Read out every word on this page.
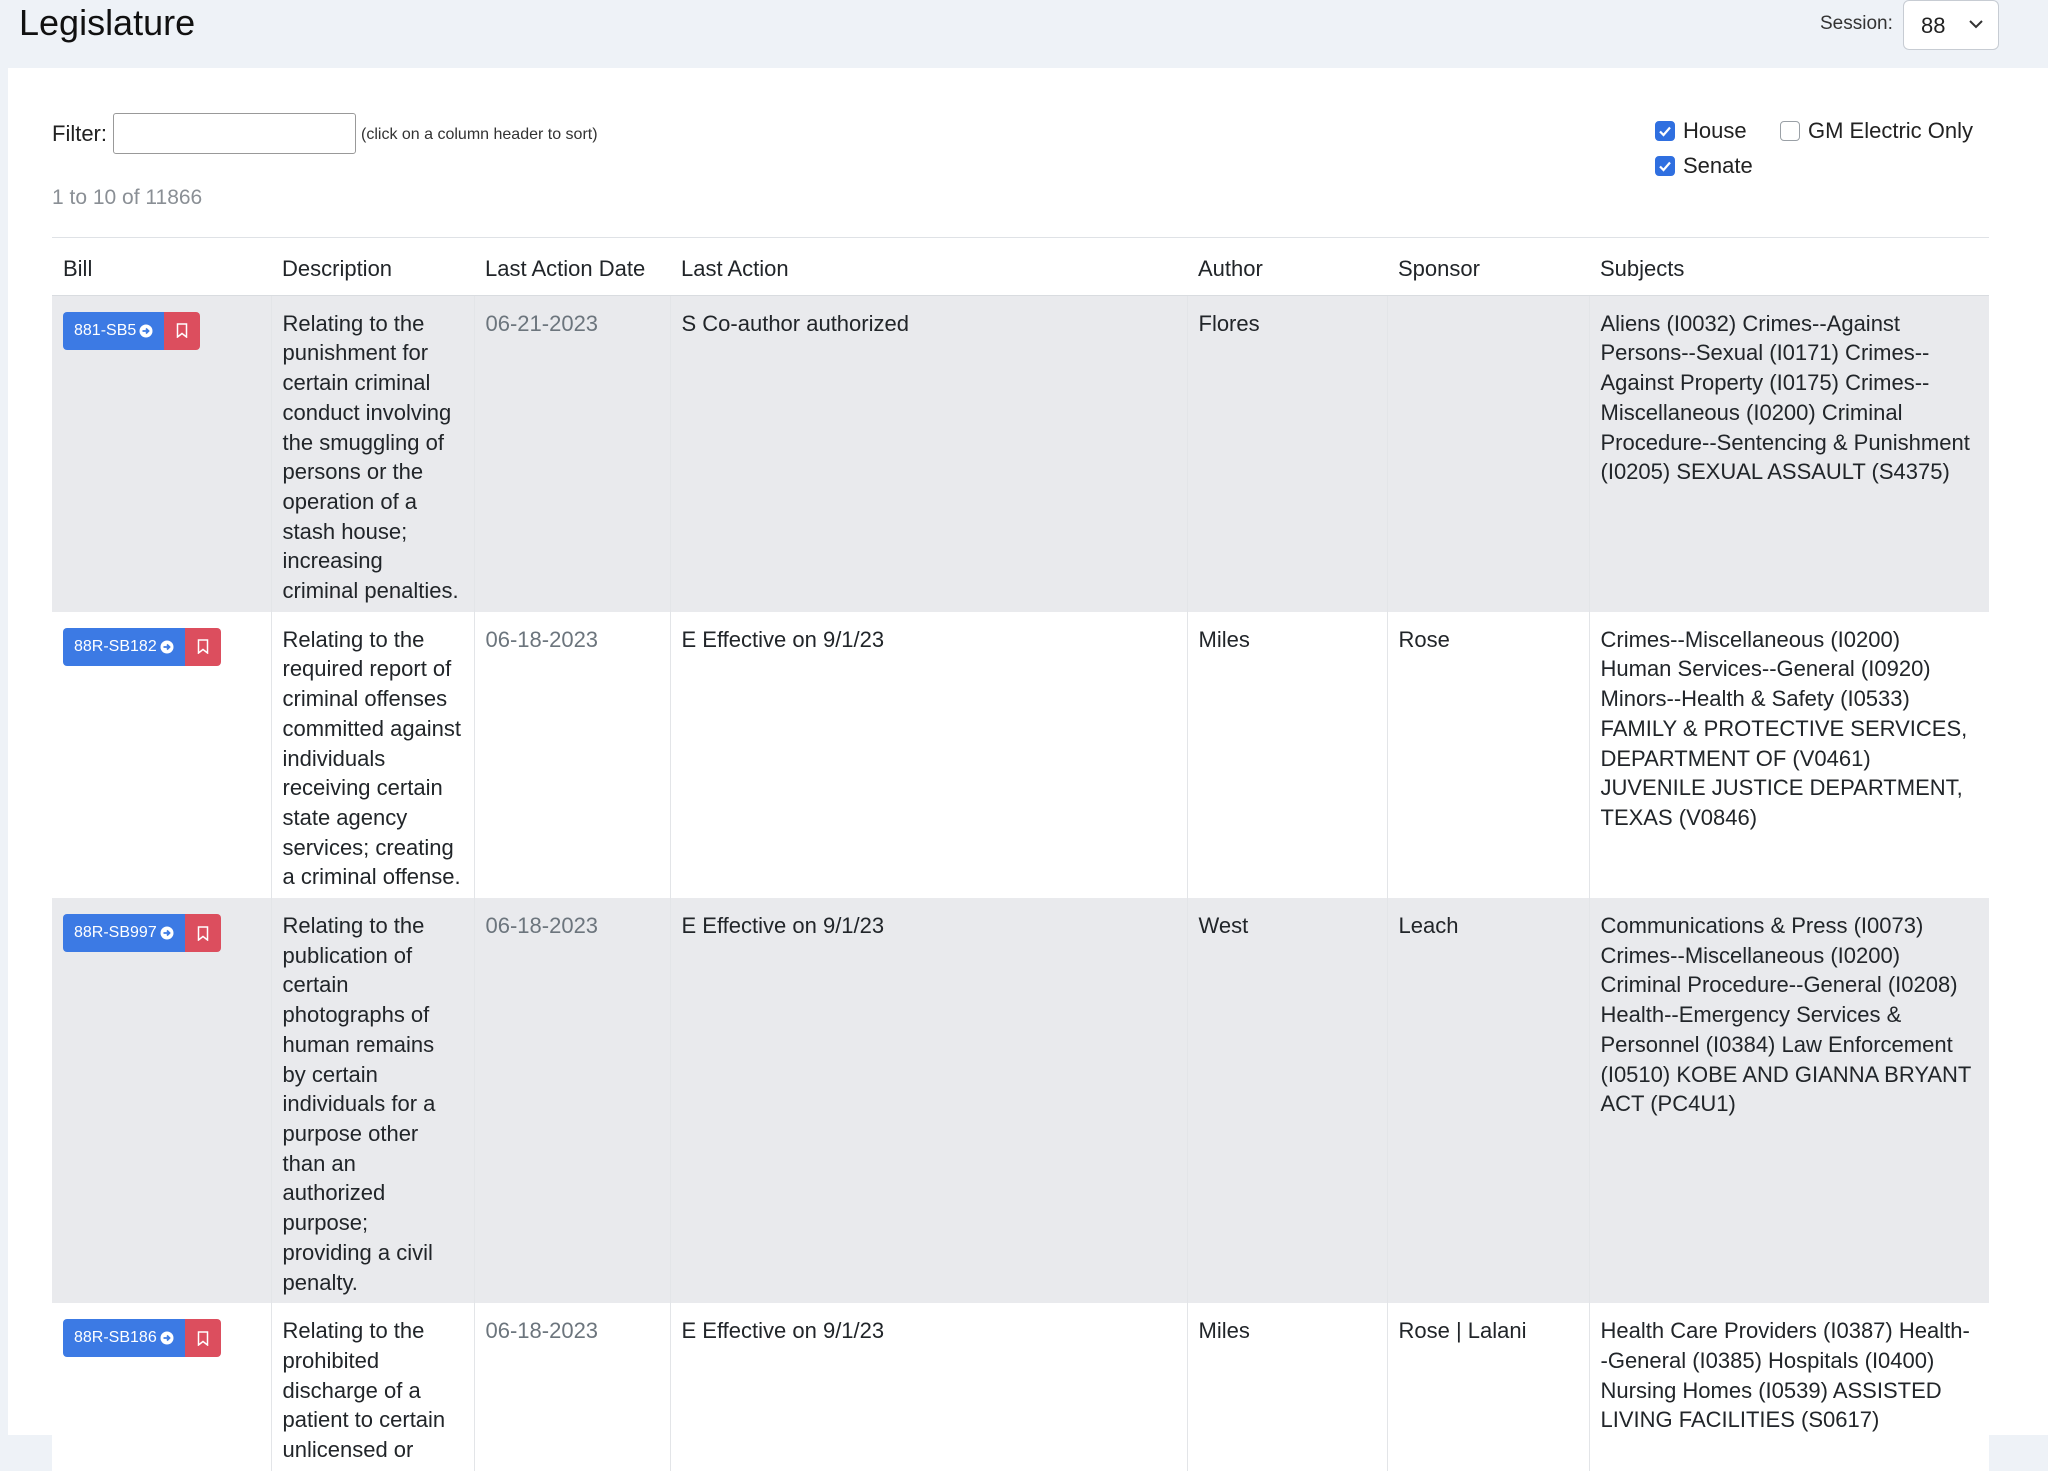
Legislature	Session: 88
Filter:	(click on a column header to sort)
1 to 10 of 11866
House
Senate
GM Electric Only
Bill	Description	Last Action Date	Last Action	Author	Sponsor	Subjects

881-SB5	Relating to the punishment for certain criminal conduct involving the smuggling of persons or the operation of a stash house; increasing criminal penalties.	06-21-2023	S Co-author authorized	Flores		Aliens (I0032) Crimes--Against Persons--Sexual (I0171) Crimes--Against Property (I0175) Crimes--Miscellaneous (I0200) Criminal Procedure--Sentencing & Punishment (I0205) SEXUAL ASSAULT (S4375)

88R-SB182	Relating to the required report of criminal offenses committed against individuals receiving certain state agency services; creating a criminal offense.	06-18-2023	E Effective on 9/1/23	Miles	Rose	Crimes--Miscellaneous (I0200) Human Services--General (I0920) Minors--Health & Safety (I0533) FAMILY & PROTECTIVE SERVICES, DEPARTMENT OF (V0461) JUVENILE JUSTICE DEPARTMENT, TEXAS (V0846)

88R-SB997	Relating to the publication of certain photographs of human remains by certain individuals for a purpose other than an authorized purpose; providing a civil penalty.	06-18-2023	E Effective on 9/1/23	West	Leach	Communications & Press (I0073) Crimes--Miscellaneous (I0200) Criminal Procedure--General (I0208) Health--Emergency Services & Personnel (I0384) Law Enforcement (I0510) KOBE AND GIANNA BRYANT ACT (PC4U1)

88R-SB186	Relating to the prohibited discharge of a patient to certain unlicensed or	06-18-2023	E Effective on 9/1/23	Miles	Rose | Lalani	Health Care Providers (I0387) Health--General (I0385) Hospitals (I0400) Nursing Homes (I0539) ASSISTED LIVING FACILITIES (S0617)
